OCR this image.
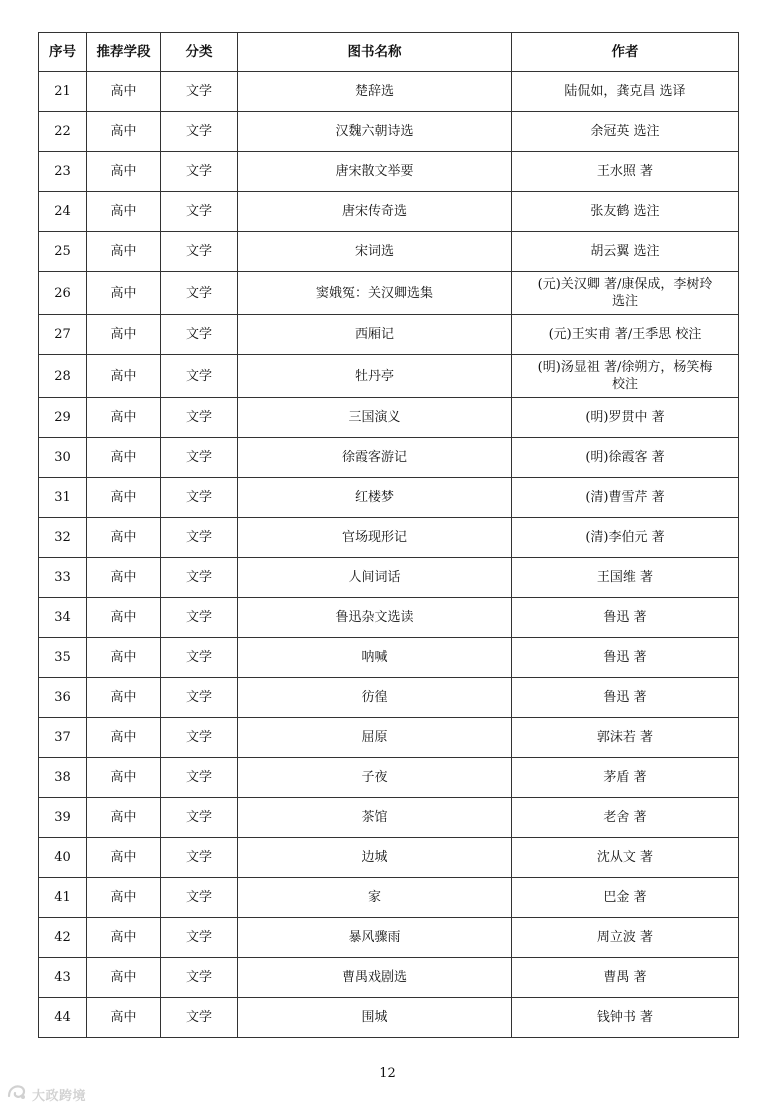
序号	推荐学段	分类	图书名称	作者
21	高中	文学	楚辞选	陆侃如，龚克昌 选译

22	高中	文学	汉魏六朝诗选	余冠英 选注

23	高中	文学	唐宋散文举要	王水照 著

24	高中	文学	唐宋传奇选	张友鹤 选注

25	高中	文学	宋词选	胡云翼 选注

26	高中	文学	窦娥冤：关汉卿选集	(元)关汉卿 著/康保成，李树玲
选注

27	高中	文学	西厢记	(元)王实甫 著/王季思 校注

28	高中	文学	牡丹亭	(明)汤显祖 著/徐朔方，杨笑梅
校注

29	高中	文学	三国演义	(明)罗贯中 著

30	高中	文学	徐霞客游记	(明)徐霞客 著

31	高中	文学	红楼梦	(清)曹雪芹 著

32	高中	文学	官场现形记	(清)李伯元 著

33	高中	文学	人间词话	王国维 著

34	高中	文学	鲁迅杂文选读	鲁迅 著

35	高中	文学	呐喊	鲁迅 著

36	高中	文学	彷徨	鲁迅 著

37	高中	文学	屈原	郭沫若 著

38	高中	文学	子夜	茅盾 著

39	高中	文学	茶馆	老舍 著

40	高中	文学	边城	沈从文 著

41	高中	文学	家	巴金 著

42	高中	文学	暴风骤雨	周立波 著

43	高中	文学	曹禺戏剧选	曹禺 著

44	高中	文学	围城	钱钟书 著
12
大政跨境
